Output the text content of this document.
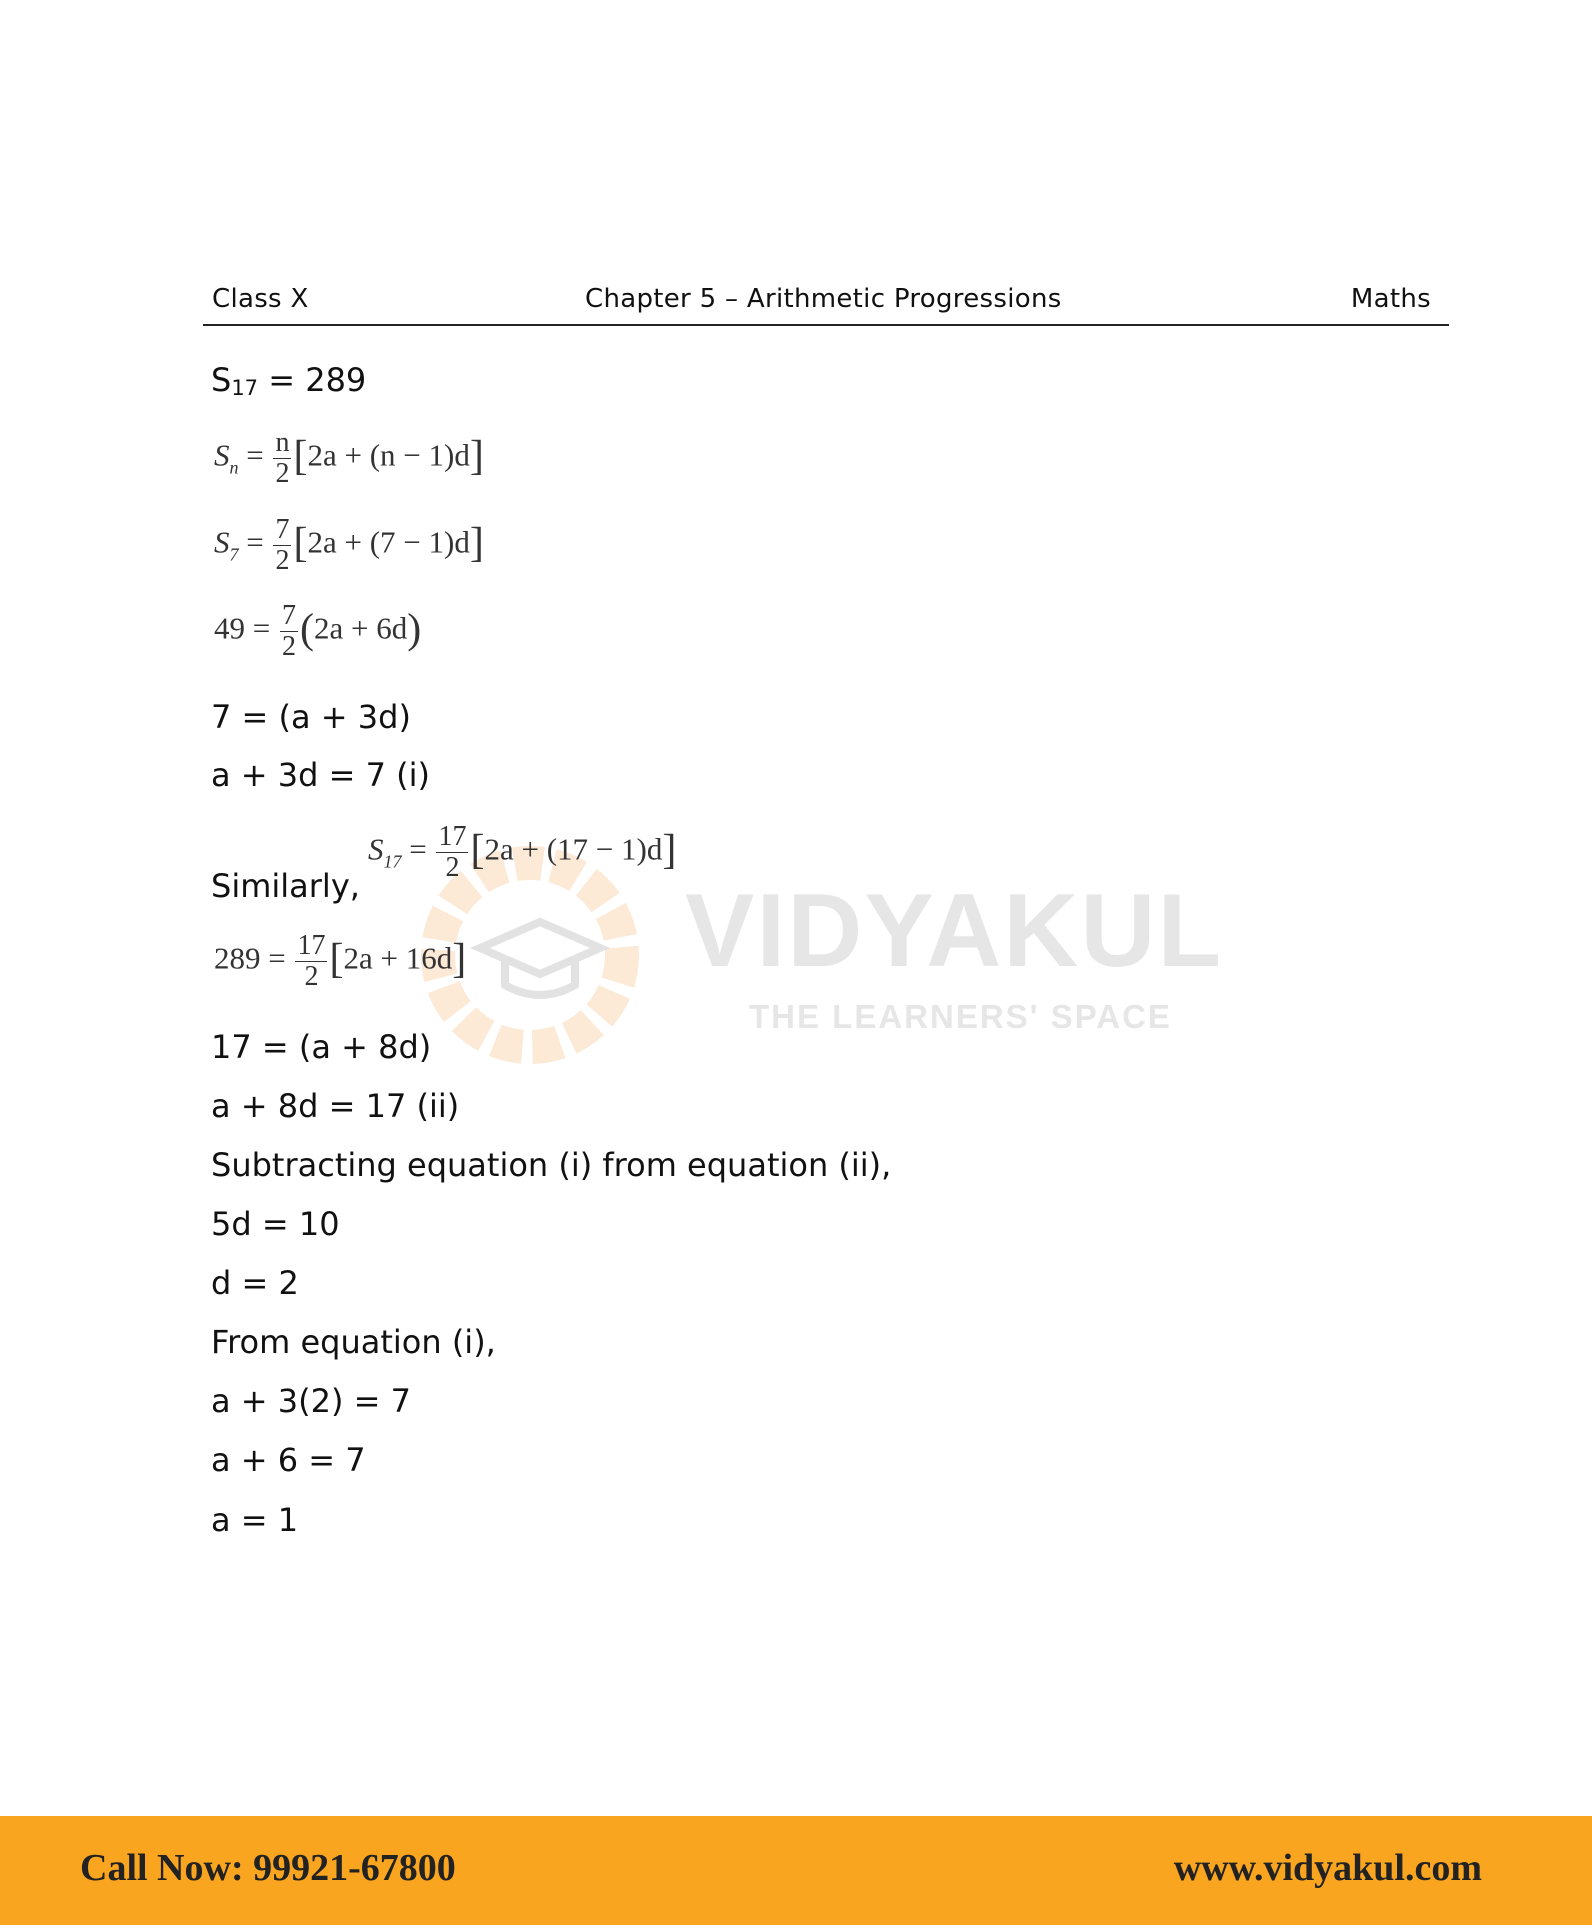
Class X	Chapter 5 – Arithmetic Progressions	Maths
VIDYAKUL
THE LEARNERS' SPACE
$S_{17} = 289$
$S_n = \frac{n}{2} [2a + (n - 1)d]$
$S_7 = \frac{7}{2} [2a + (7 - 1)d]$
$49 = \frac{7}{2} (2a + 6d)$
7 = (a + 3d)
a + 3d = 7 (i)
Similarly,
$S_{17} = \frac{17}{2} [2a + (17 - 1)d]$
$289 = \frac{17}{2} [2a + 16d]$
17 = (a + 8d)
a + 8d = 17 (ii)
Subtracting equation (i) from equation (ii),
5d = 10
d = 2
From equation (i),
a + 3(2) = 7
a + 6 = 7
a = 1
Call Now: 99921-67800	www.vidyakul.com
